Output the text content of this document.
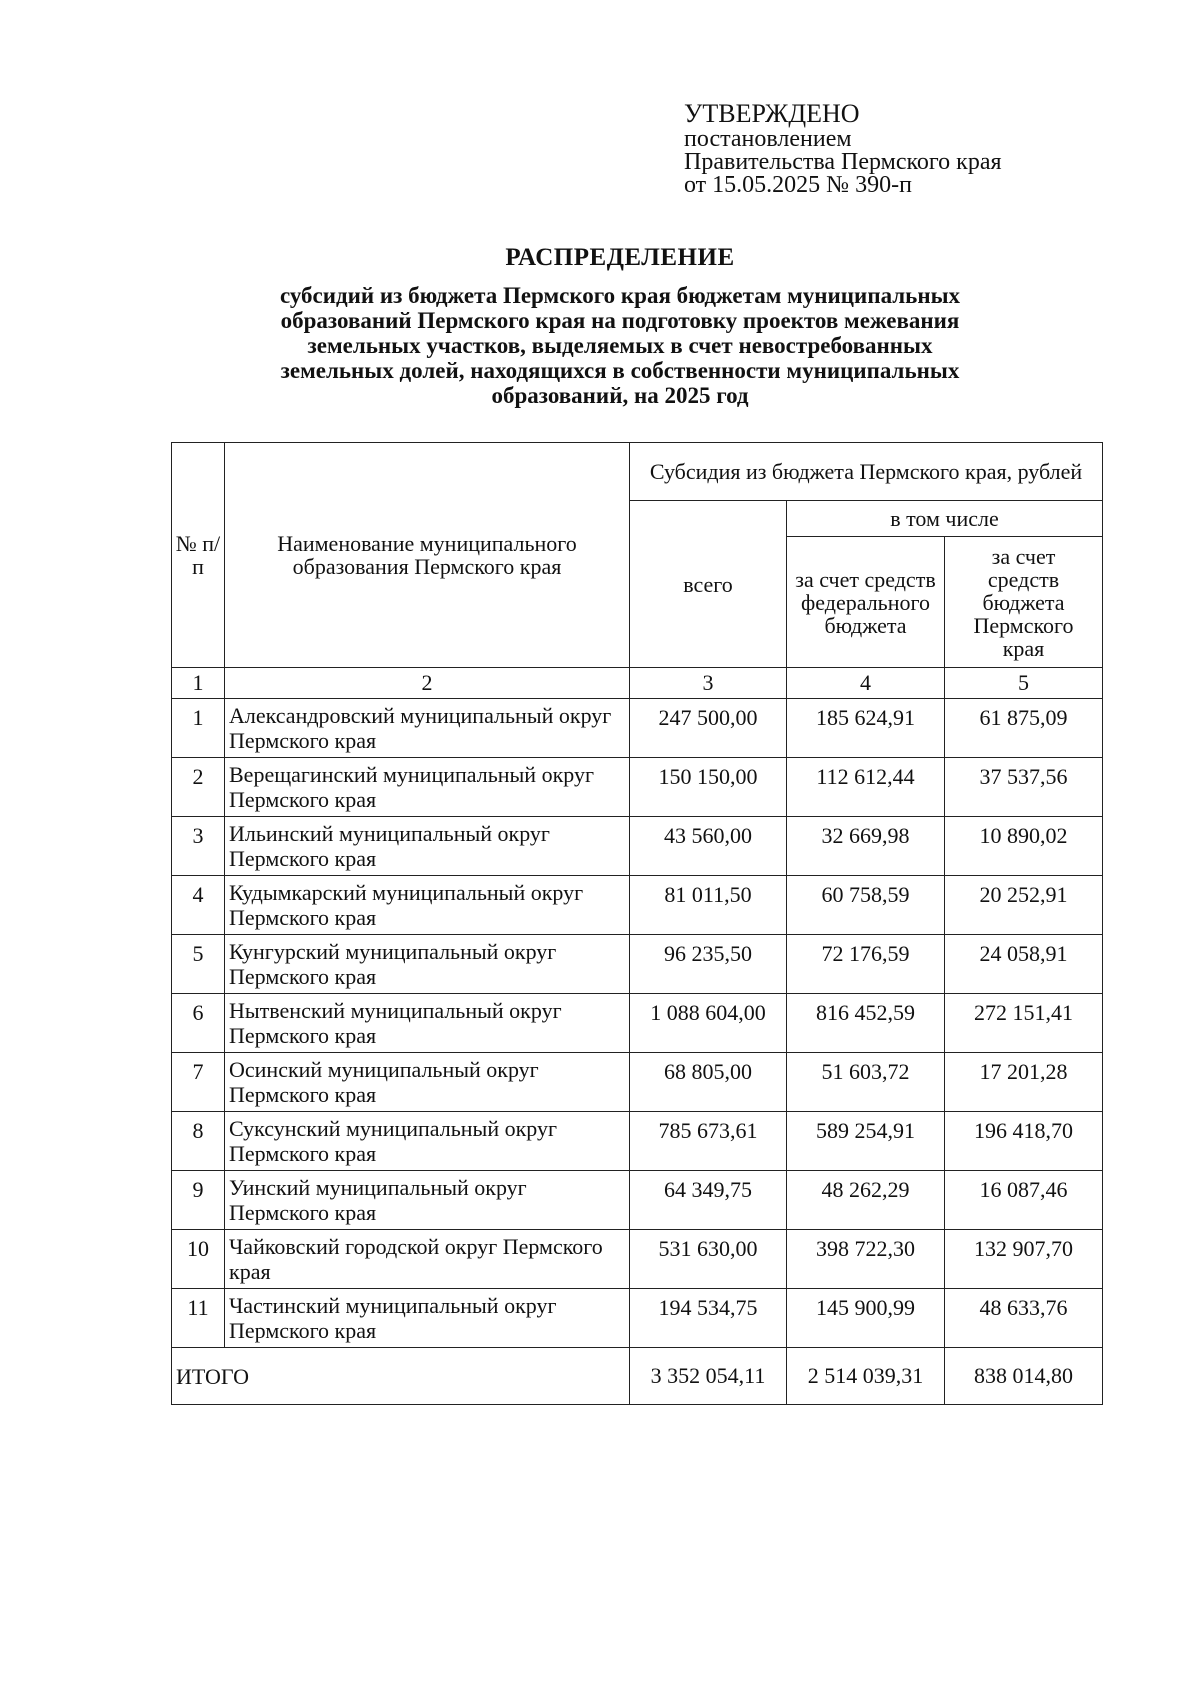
УТВЕРЖДЕНО
постановлением
Правительства Пермского края
от 15.05.2025 № 390-п
РАСПРЕДЕЛЕНИЕ
субсидий из бюджета Пермского края бюджетам муниципальных
образований Пермского края на подготовку проектов межевания
земельных участков, выделяемых в счет невостребованных
земельных долей, находящихся в собственности муниципальных
образований, на 2025 год
№ п/п	Наименование муниципального образования Пермского края	Субсидия из бюджета Пермского края, рублей		
		всего	в том числе	
			за счет средств федерального бюджета	за счет средств бюджета Пермского края
1	2	3	4	5
1	Александровский муниципальный округ Пермского края	247 500,00	185 624,91	61 875,09
2	Верещагинский муниципальный округ Пермского края	150 150,00	112 612,44	37 537,56
3	Ильинский муниципальный округ Пермского края	43 560,00	32 669,98	10 890,02
4	Кудымкарский муниципальный округ Пермского края	81 011,50	60 758,59	20 252,91
5	Кунгурский муниципальный округ Пермского края	96 235,50	72 176,59	24 058,91
6	Нытвенский муниципальный округ Пермского края	1 088 604,00	816 452,59	272 151,41
7	Осинский муниципальный округ Пермского края	68 805,00	51 603,72	17 201,28
8	Суксунский муниципальный округ Пермского края	785 673,61	589 254,91	196 418,70
9	Уинский муниципальный округ Пермского края	64 349,75	48 262,29	16 087,46
10	Чайковский городской округ Пермского края	531 630,00	398 722,30	132 907,70
11	Частинский муниципальный округ Пермского края	194 534,75	145 900,99	48 633,76
ИТОГО		3 352 054,11	2 514 039,31	838 014,80
